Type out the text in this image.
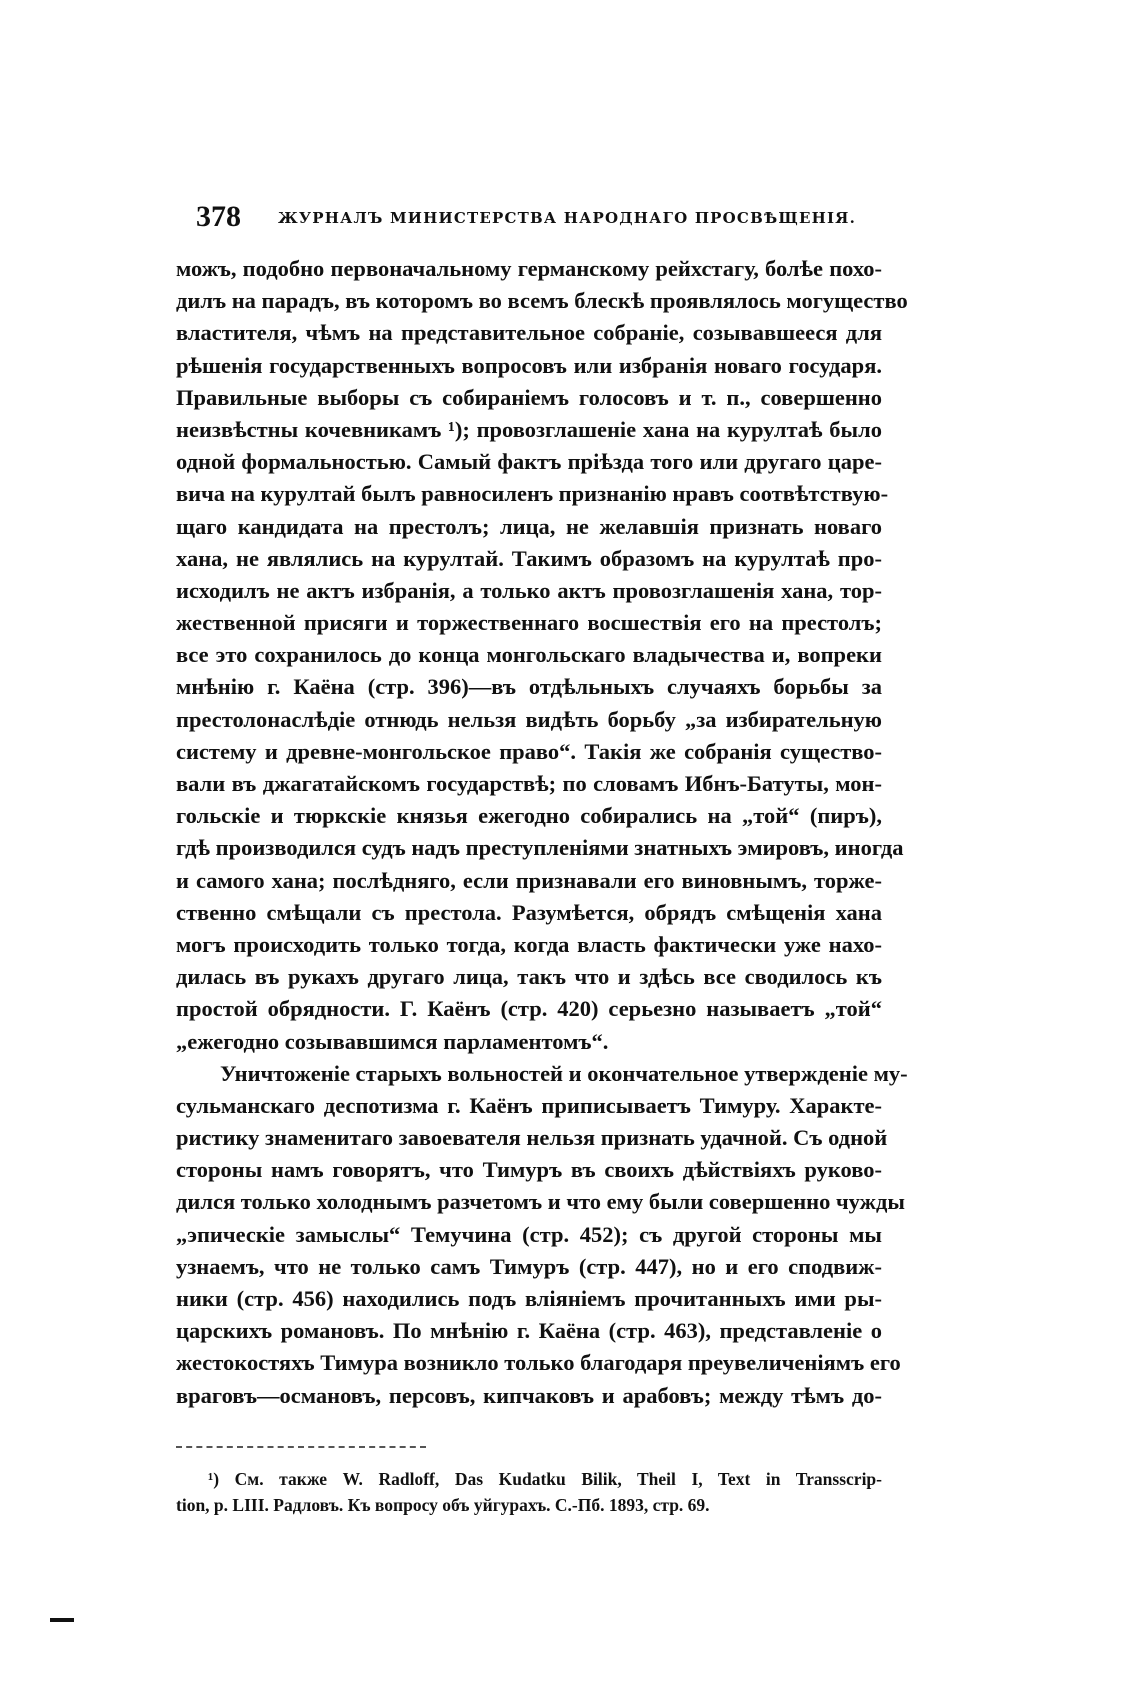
378 ЖУРНАЛЪ МИНИСТЕРСТВА НАРОДНАГО ПРОСВѢЩЕНІЯ.
можъ, подобно первоначальному германскому рейхстагу, болѣе похо-
дилъ на парадъ, въ которомъ во всемъ блескѣ проявлялось могущество
властителя, чѣмъ на представительное собраніе, созывавшееся для
рѣшенія государственныхъ вопросовъ или избранія новаго государя.
Правильные выборы съ собираніемъ голосовъ и т. п., совершенно
неизвѣстны кочевникамъ ¹); провозглашеніе хана на курултаѣ было
одной формальностью. Самый фактъ пріѣзда того или другаго царе-
вича на курултай былъ равносиленъ признанію нравъ соотвѣтствую-
щаго кандидата на престолъ; лица, не желавшія признать новаго
хана, не являлись на курултай. Такимъ образомъ на курултаѣ про-
исходилъ не актъ избранія, а только актъ провозглашенія хана, тор-
жественной присяги и торжественнаго восшествія его на престолъ;
все это сохранилось до конца монгольскаго владычества и, вопреки
мнѣнію г. Каёна (стр. 396)—въ отдѣльныхъ случаяхъ борьбы за
престолонаслѣдіе отнюдь нельзя видѣть борьбу „за избирательную
систему и древне-монгольское право“. Такія же собранія существо-
вали въ джагатайскомъ государствѣ; по словамъ Ибнъ-Батуты, мон-
гольскіе и тюркскіе князья ежегодно собирались на „той“ (пиръ),
гдѣ производился судъ надъ преступленіями знатныхъ эмировъ, иногда
и самого хана; послѣдняго, если признавали его виновнымъ, торже-
ственно смѣщали съ престола. Разумѣется, обрядъ смѣщенія хана
могъ происходить только тогда, когда власть фактически уже нахо-
дилась въ рукахъ другаго лица, такъ что и здѣсь все сводилось къ
простой обрядности. Г. Каёнъ (стр. 420) серьезно называетъ „той“
„ежегодно созывавшимся парламентомъ“.
Уничтоженіе старыхъ вольностей и окончательное утвержденіе му-
сульманскаго деспотизма г. Каёнъ приписываетъ Тимуру. Характе-
ристику знаменитаго завоевателя нельзя признать удачной. Съ одной
стороны намъ говорятъ, что Тимуръ въ своихъ дѣйствіяхъ руково-
дился только холоднымъ разчетомъ и что ему были совершенно чужды
„эпическіе замыслы“ Темучина (стр. 452); съ другой стороны мы
узнаемъ, что не только самъ Тимуръ (стр. 447), но и его сподвиж-
ники (стр. 456) находились подъ вліяніемъ прочитанныхъ ими ры-
царскихъ романовъ. По мнѣнію г. Каёна (стр. 463), представленіе о
жестокостяхъ Тимура возникло только благодаря преувеличеніямъ его
враговъ—османовъ, персовъ, кипчаковъ и арабовъ; между тѣмъ до-
¹) См. также W. Radloff, Das Kudatku Bilik, Theil I, Text in Transscrip-
tion, p. LIII. Радловъ. Къ вопросу объ уйгурахъ. С.-Пб. 1893, стр. 69.
